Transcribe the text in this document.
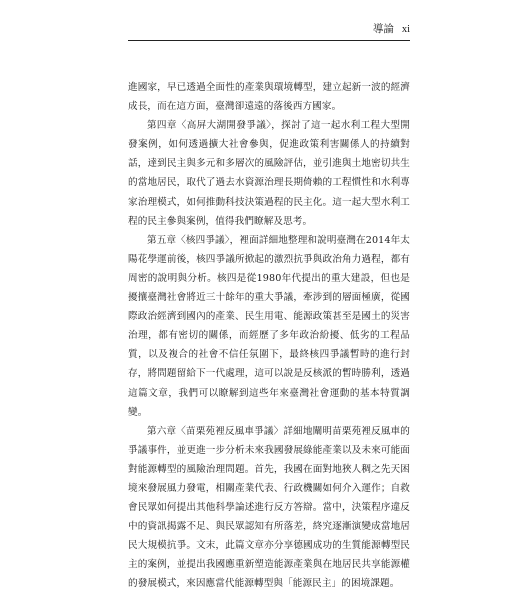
導論 xi

進國家，早已透過全面性的產業與環境轉型，建立起新一波的經濟成長，而在這方面，臺灣卻遠遠的落後西方國家。

第四章〈高屏大湖開發爭議〉，探討了這一起水利工程大型開發案例，如何透過擴大社會參與，促進政策利害關係人的持續對話，達到民主與多元和多層次的風險評估，並引進與土地密切共生的當地居民，取代了過去水資源治理長期倚賴的工程慣性和水利專家治理模式，如何推動科技決策過程的民主化。這一起大型水利工程的民主參與案例，值得我們瞭解及思考。

第五章〈核四爭議〉，裡面詳細地整理和說明臺灣在2014年太陽花學運前後，核四爭議所掀起的激烈抗爭與政治角力過程，都有周密的說明與分析。核四是從1980年代提出的重大建設，但也是擾攘臺灣社會將近三十餘年的重大爭議，牽涉到的層面極廣，從國際政治經濟到國內的產業、民生用電、能源政策甚至是國土的災害治理，都有密切的關係，而經歷了多年政治紛擾、低劣的工程品質，以及複合的社會不信任氛圍下，最終核四爭議暫時的進行封存，將問題留給下一代處理，這可以說是反核派的暫時勝利，透過這篇文章，我們可以瞭解到這些年來臺灣社會運動的基本特質調變。

第六章〈苗栗苑裡反風車爭議〉詳細地闡明苗栗苑裡反風車的爭議事件，並更進一步分析未來我國發展綠能產業以及未來可能面對能源轉型的風險治理問題。首先，我國在面對地狹人稠之先天困境來發展風力發電，相關產業代表、行政機關如何介入運作；自救會民眾如何提出其他科學論述進行反方答辯。當中，決策程序違反中的資訊揭露不足、與民眾認知有所落差，終究逐漸演變成當地居民大規模抗爭。文末，此篇文章亦分享德國成功的生質能源轉型民主的案例，並提出我國應重新塑造能源產業與在地居民共享能源權的發展模式，來因應當代能源轉型與「能源民主」的困境課題。
